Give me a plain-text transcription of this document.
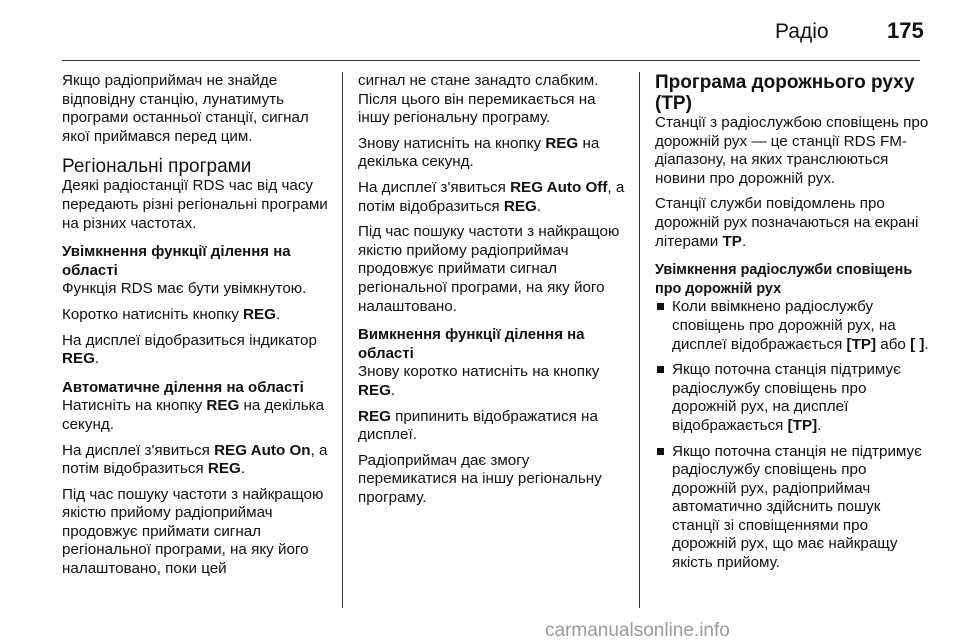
Радіо	175

Якщо радіоприймач не знайде відповідну станцію, лунатимуть програми останньої станції, сигнал якої приймався перед цим.

Регіональні програми

Деякі радіостанції RDS час від часу передають різні регіональні програми на різних частотах.

Увімкнення функції ділення на області

Функція RDS має бути увімкнутою.

Коротко натисніть кнопку REG.

На дисплеї відобразиться індикатор REG.

Автоматичне ділення на області

Натисніть на кнопку REG на декілька секунд.

На дисплеї з'явиться REG Auto On, а потім відобразиться REG.

Під час пошуку частоти з найкращою якістю прийому радіоприймач продовжує приймати сигнал регіональної програми, на яку його налаштовано, поки цей

сигнал не стане занадто слабким. Після цього він перемикається на іншу регіональну програму.

Знову натисніть на кнопку REG на декілька секунд.

На дисплеї з'явиться REG Auto Off, а потім відобразиться REG.

Під час пошуку частоти з найкращою якістю прийому радіоприймач продовжує приймати сигнал регіональної програми, на яку його налаштовано.

Вимкнення функції ділення на області

Знову коротко натисніть на кнопку REG.

REG припинить відображатися на дисплеї.

Радіоприймач дає змогу перемикатися на іншу регіональну програму.

Програма дорожнього руху (TP)

Станції з радіослужбою сповіщень про дорожній рух — це станції RDS FM-діапазону, на яких транслюються новини про дорожній рух.

Станції служби повідомлень про дорожній рух позначаються на екрані літерами TP.

Увімкнення радіослужби сповіщень про дорожній рух
Коли ввімкнено радіослужбу сповіщень про дорожній рух, на дисплеї відображається [TP] або [ ].
Якщо поточна станція підтримує радіослужбу сповіщень про дорожній рух, на дисплеї відображається [TP].
Якщо поточна станція не підтримує радіослужбу сповіщень про дорожній рух, радіоприймач автоматично здійснить пошук станції зі сповіщеннями про дорожній рух, що має найкращу якість прийому.
carmanualsonline.info
